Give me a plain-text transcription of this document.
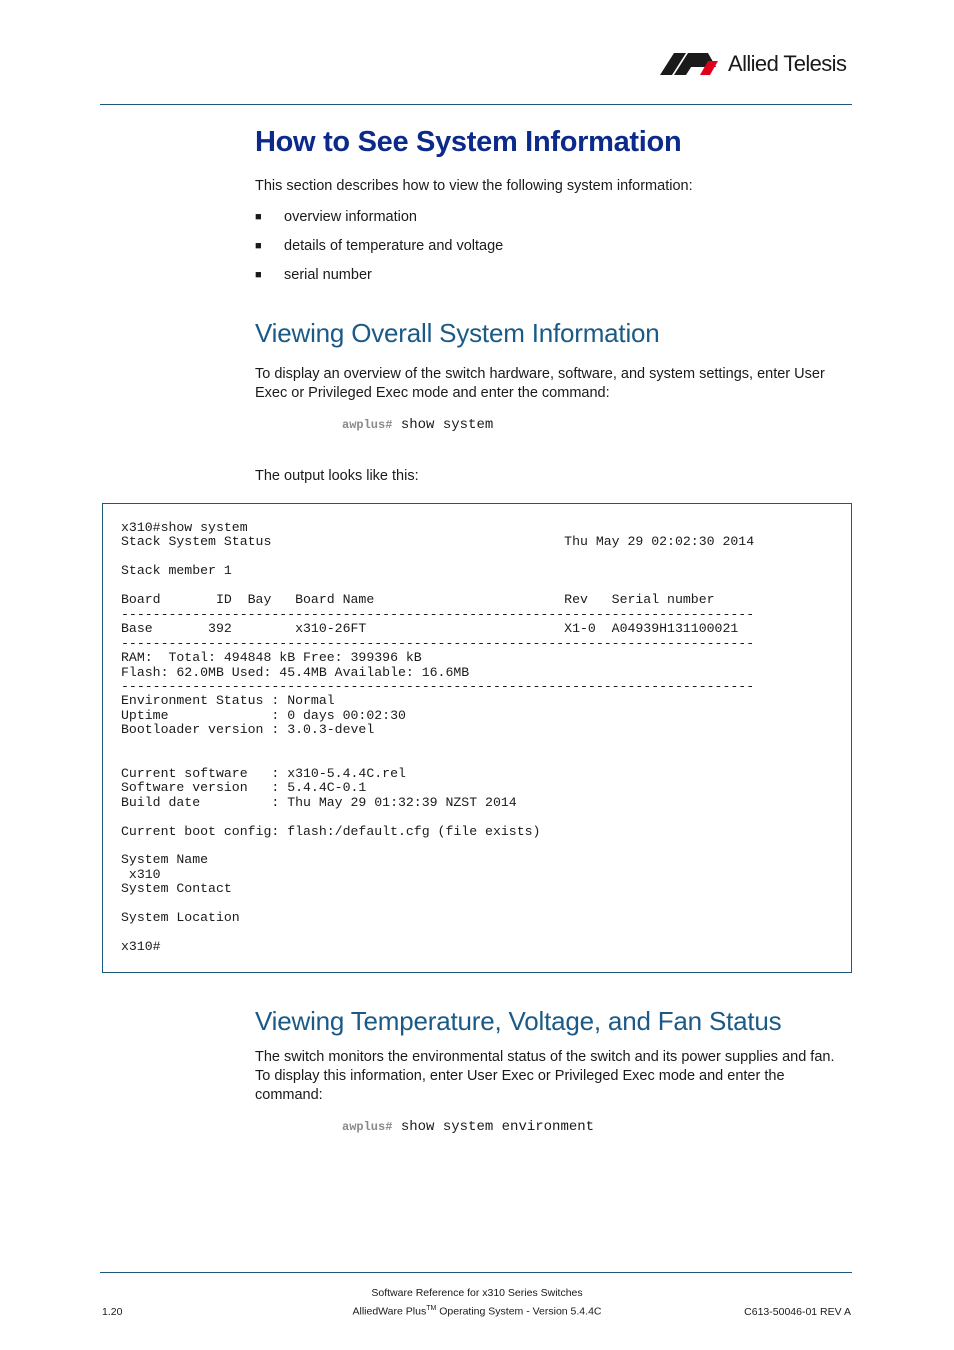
Allied Telesis
How to See System Information

This section describes how to view the following system information:

■	overview information
■	details of temperature and voltage
■	serial number
Viewing Overall System Information

To display an overview of the switch hardware, software, and system settings, enter User Exec or Privileged Exec mode and enter the command:

awplus# show system

The output looks like this:

x310#show system
Stack System Status                                     Thu May 29 02:02:30 2014

Stack member 1

Board       ID  Bay   Board Name                        Rev   Serial number
--------------------------------------------------------------------------------
Base       392        x310-26FT                         X1-0  A04939H131100021
--------------------------------------------------------------------------------
RAM:  Total: 494848 kB Free: 399396 kB
Flash: 62.0MB Used: 45.4MB Available: 16.6MB
--------------------------------------------------------------------------------
Environment Status : Normal
Uptime             : 0 days 00:02:30
Bootloader version : 3.0.3-devel

Current software   : x310-5.4.4C.rel
Software version   : 5.4.4C-0.1
Build date         : Thu May 29 01:32:39 NZST 2014

Current boot config: flash:/default.cfg (file exists)

System Name
x310
System Contact

System Location

x310#
Viewing Temperature, Voltage, and Fan Status

The switch monitors the environmental status of the switch and its power supplies and fan. To display this information, enter User Exec or Privileged Exec mode and enter the command:

awplus# show system environment
Software Reference for x310 Series Switches
AlliedWare Plus™ Operating System - Version 5.4.4C
1.20	C613-50046-01 REV A
